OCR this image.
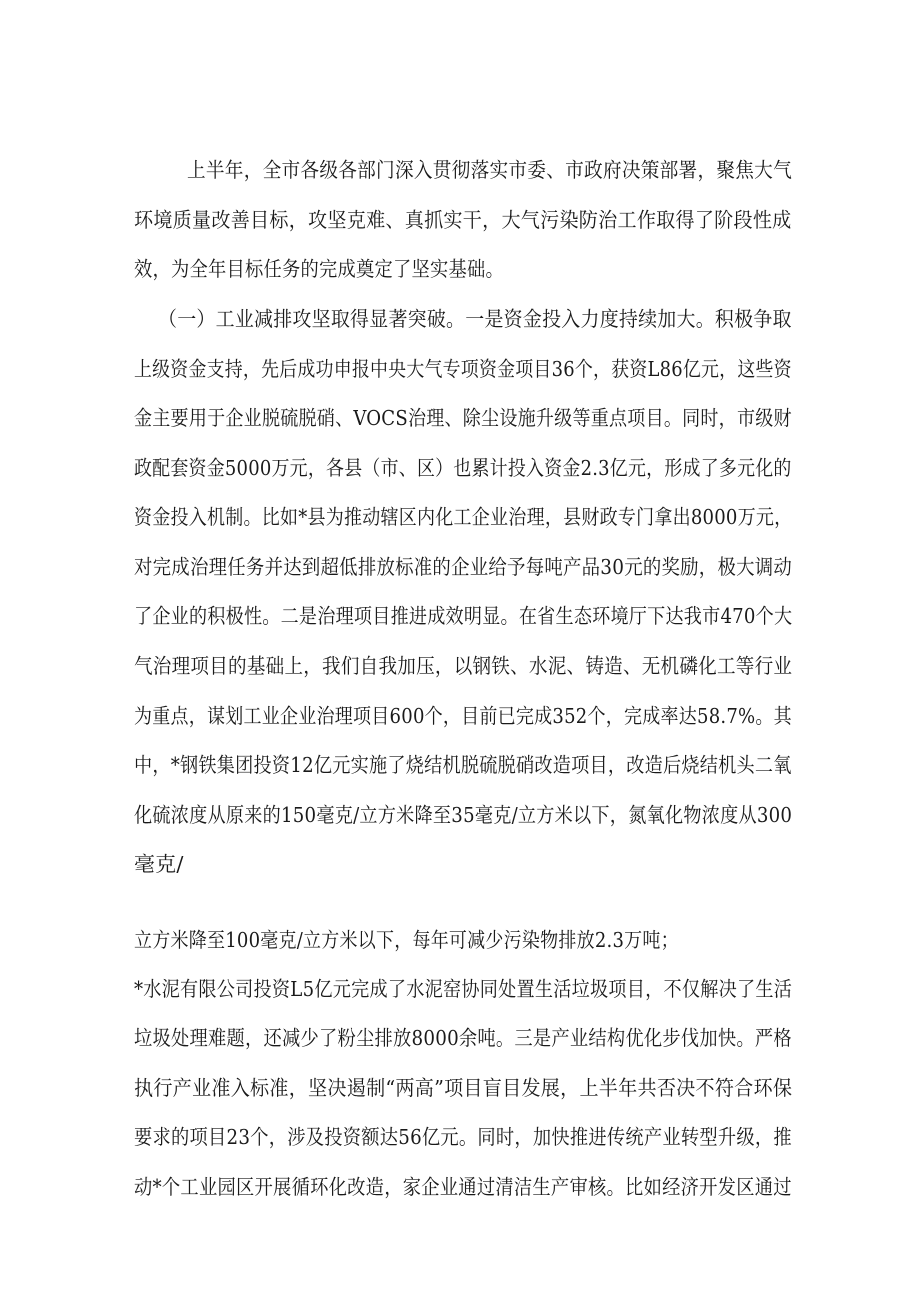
上半年，全市各级各部门深入贯彻落实市委、市政府决策部署，聚焦大气
环境质量改善目标，攻坚克难、真抓实干，大气污染防治工作取得了阶段性成
效，为全年目标任务的完成奠定了坚实基础。
（一）工业减排攻坚取得显著突破。一是资金投入力度持续加大。积极争取
上级资金支持，先后成功申报中央大气专项资金项目36个，获资L86亿元，这些资
金主要用于企业脱硫脱硝、VOCS治理、除尘设施升级等重点项目。同时，市级财
政配套资金5000万元，各县（市、区）也累计投入资金2.3亿元，形成了多元化的
资金投入机制。比如*县为推动辖区内化工企业治理，县财政专门拿出8000万元，
对完成治理任务并达到超低排放标准的企业给予每吨产品30元的奖励，极大调动
了企业的积极性。二是治理项目推进成效明显。在省生态环境厅下达我市470个大
气治理项目的基础上，我们自我加压，以钢铁、水泥、铸造、无机磷化工等行业
为重点，谋划工业企业治理项目600个，目前已完成352个，完成率达58.7%。其
中，*钢铁集团投资12亿元实施了烧结机脱硫脱硝改造项目，改造后烧结机头二氧
化硫浓度从原来的150毫克/立方米降至35毫克/立方米以下，氮氧化物浓度从300
毫克/
立方米降至100毫克/立方米以下，每年可减少污染物排放2.3万吨；
*水泥有限公司投资L5亿元完成了水泥窑协同处置生活垃圾项目，不仅解决了生活
垃圾处理难题，还减少了粉尘排放8000余吨。三是产业结构优化步伐加快。严格
执行产业准入标准，坚决遏制“两高”项目盲目发展，上半年共否决不符合环保
要求的项目23个，涉及投资额达56亿元。同时，加快推进传统产业转型升级，推
动*个工业园区开展循环化改造，家企业通过清洁生产审核。比如经济开发区通过
